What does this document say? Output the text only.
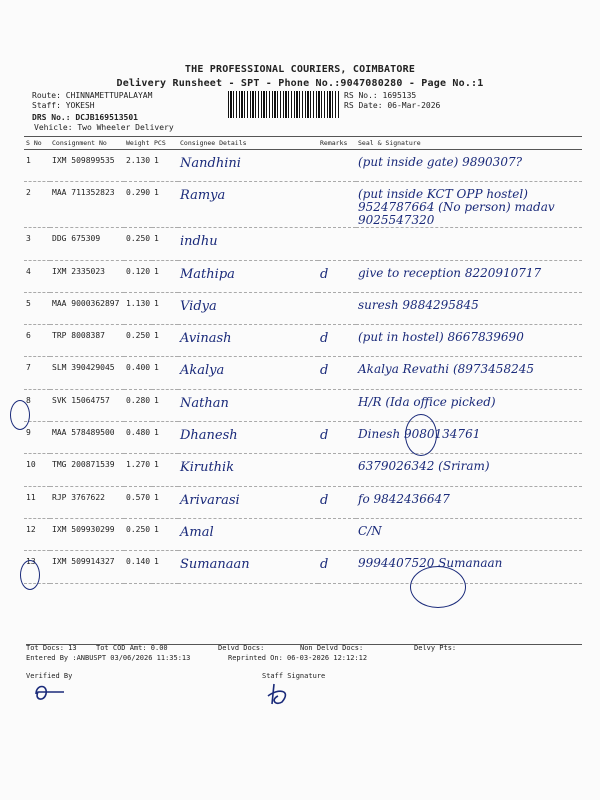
THE PROFESSIONAL COURIERS, COIMBATORE
Delivery Runsheet - SPT - Phone No.:9047080280 - Page No.:1
Route: CHINNAMETTUPALAYAM
Staff: YOKESH
DRS No.: DCJB169513501
Vehicle: Two Wheeler Delivery
RS No.: 1695135
RS Date: 06-Mar-2026
S No	Consignment No	Weight	PCS	Consignee Details	Remarks	Seal & Signature
1	IXM 509899535	2.130	1	Nandhini		(put inside gate) 9890307?
2	MAA 711352823	0.290	1	Ramya		(put inside KCT OPP hostel) 9524787664 (No person) madav 9025547320
3	DDG 675309	0.250	1	indhu		
4	IXM 2335023	0.120	1	Mathipa	d	give to reception 8220910717
5	MAA 9000362897	1.130	1	Vidya		suresh 9884295845
6	TRP 8008387	0.250	1	Avinash	d	(put in hostel) 8667839690
7	SLM 390429045	0.400	1	Akalya	d	Akalya Revathi (8973458245
8	SVK 15064757	0.280	1	Nathan		H/R (Ida office picked)
9	MAA 578489500	0.480	1	Dhanesh	d	Dinesh 9080134761
10	TMG 200871539	1.270	1	Kiruthik		6379026342 (Sriram)
11	RJP 3767622	0.570	1	Arivarasi	d	fo 9842436647
12	IXM 509930299	0.250	1	Amal		C/N
13	IXM 509914327	0.140	1	Sumanaan	d	9994407520 Sumanaan
Tot Docs: 13	Tot COD Amt: 0.00	Delvd Docs:	Non Delvd Docs:	Delvy Pts:
Entered By :ANBUSPT 03/06/2026 11:35:13	Reprinted On: 06-03-2026 12:12:12
Verified By	Staff Signature
